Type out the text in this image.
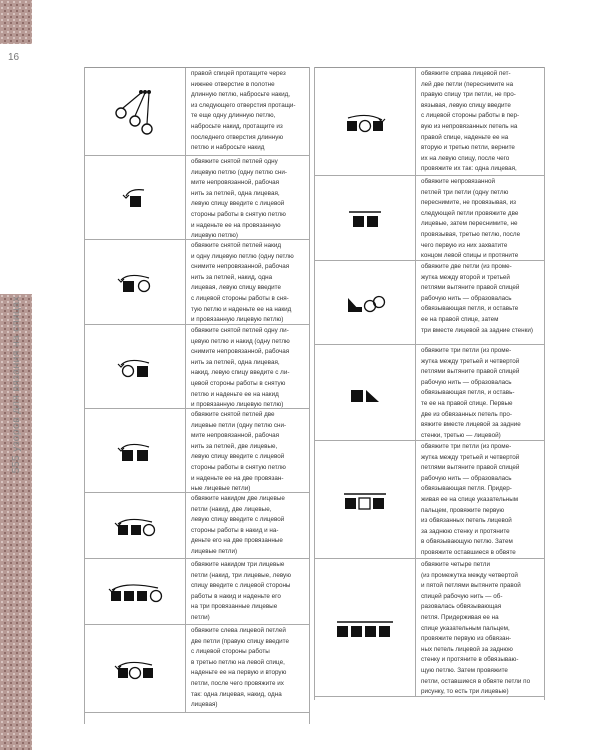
16
555 узоров для вязания на спицах
правой спицей протащите через
нижнее отверстие в полотне
длинную петлю, набросьте накид,
из следующего отверстия протащи-
те еще одну длинную петлю,
набросьте накид, протащите из
последнего отверстия длинную
петлю и набросьте накид
обвяжите снятой петлей одну
лицевую петлю (одну петлю сни-
мите непровязанной, рабочая
нить за петлей, одна лицевая,
левую спицу введите с лицевой
стороны работы в снятую петлю
и наденьте ее на провязанную
лицевую петлю)
обвяжите снятой петлей накид
и одну лицевую петлю (одну петлю
снимите непровязанной, рабочая
нить за петлей, накид, одна
лицевая, левую спицу введите
с лицевой стороны работы в сня-
тую петлю и наденьте ее на накид
и провязанную лицевую петлю)
обвяжите снятой петлей одну ли-
цевую петлю и накид (одну петлю
снимите непровязанной, рабочая
нить за петлей, одна лицевая,
накид, левую спицу введите с ли-
цевой стороны работы в снятую
петлю и наденьте ее на накид
и провязанную лицевую петлю)
обвяжите снятой петлей две
лицевые петли (одну петлю сни-
мите непровязанной, рабочая
нить за петлей, две лицевые,
левую спицу введите с лицевой
стороны работы в снятую петлю
и наденьте ее на две провязан-
ные лицевые петли)
обвяжите накидом две лицевые
петли (накид, две лицевые,
левую спицу введите с лицевой
стороны работы в накид и на-
деньте его на две провязанные
лицевые петли)
обвяжите накидом три лицевые
петли (накид, три лицевые, левую
спицу введите с лицевой стороны
работы в накид и наденьте его
на три провязанные лицевые
петли)
обвяжите слева лицевой петлей
две петли (правую спицу введите
с лицевой стороны работы
в третью петлю на левой спице,
наденьте ее на первую и вторую
петли, после чего провяжите их
так: одна лицевая, накид, одна
лицевая)
обвяжите справа лицевой пет-
лей две петли (переснимите на
правую спицу три петли, не про-
вязывая, левую спицу введите
с лицевой стороны работы в пер-
вую из непровязанных петель на
правой спице, наденьте ее на
вторую и третью петли, верните
их на левую спицу, после чего
провяжите их так: одна лицевая,

обвяжите непровязанной
петлей три петли (одну петлю
переснимите, не провязывая, из
следующей петли провяжите две
лицевые, затем переснимите, не
провязывая, третью петлю, после
чего первую из них захватите
концом левой спицы и протяните

обвяжите две петли (из проме-
жутка между второй и третьей
петлями вытяните правой спицей
рабочую нить — образовалась
обвязывающая петля, и оставьте
ее на правой спице, затем
три вместе лицевой за задние стенки)
обвяжите три петли (из проме-
жутка между третьей и четвертой
петлями вытяните правой спицей
рабочую нить — образовалась
обвязывающая петля, и оставь-
те ее на правой спице. Первые
две из обвязанных петель про-
вяжите вместе лицевой за задние
стенки, третью — лицевой)
обвяжите три петли (из проме-
жутка между третьей и четвертой
петлями вытяните правой спицей
рабочую нить — образовалась
обвязывающая петля. Придер-
живая ее на спице указательным
пальцем, провяжите первую
из обвязанных петель лицевой
за заднюю стенку и протяните
в обвязывающую петлю. Затем
провяжите оставшиеся в обвяте

обвяжите четыре петли
(из промежутка между четвертой
и пятой петлями вытяните правой
спицей рабочую нить — об-
разовалась обвязывающая
петля. Придерживая ее на
спице указательным пальцем,
провяжите первую из обвязан-
ных петель лицевой за заднюю
стенку и протяните в обвязываю-
щую петлю. Затем провяжите
петли, оставшиеся в обвяте петли по
рисунку, то есть три лицевые)
